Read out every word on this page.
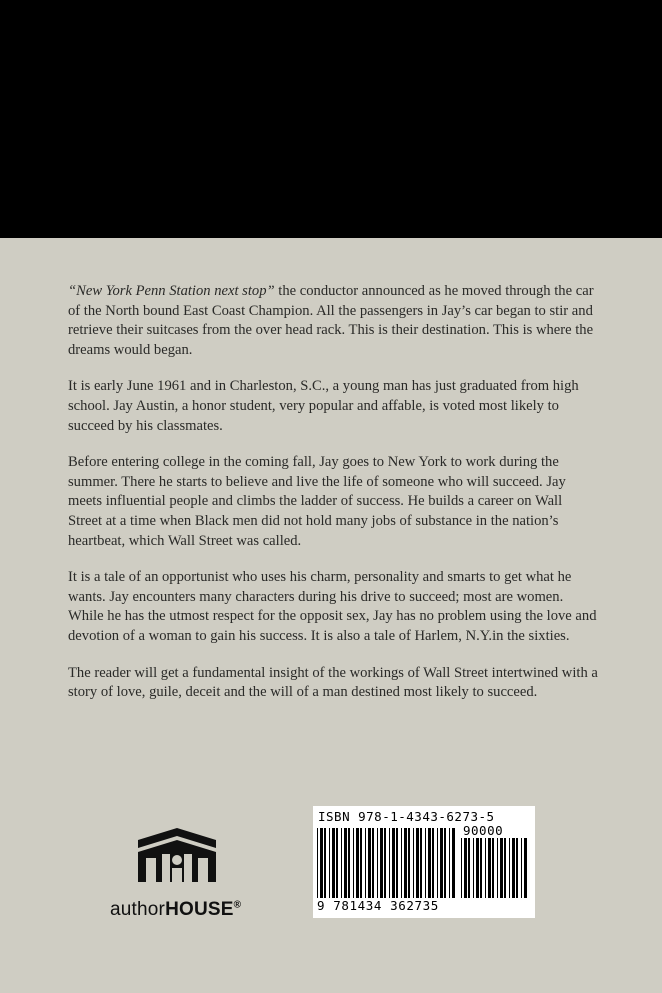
“New York Penn Station next stop” the conductor announced as he moved through the car of the North bound East Coast Champion. All the passengers in Jay’s car began to stir and retrieve their suitcases from the over head rack. This is their destination. This is where the dreams would began.

It is early June 1961 and in Charleston, S.C., a young man has just graduated from high school. Jay Austin, a honor student, very popular and affable, is voted most likely to succeed by his classmates.

Before entering college in the coming fall, Jay goes to New York to work during the summer. There he starts to believe and live the life of someone who will succeed. Jay meets influential people and climbs the ladder of success. He builds a career on Wall Street at a time when Black men did not hold many jobs of substance in the nation’s heartbeat, which Wall Street was called.

It is a tale of an opportunist who uses his charm, personality and smarts to get what he wants. Jay encounters many characters during his drive to succeed; most are women. While he has the utmost respect for the opposit sex, Jay has no problem using the love and devotion of a woman to gain his success. It is also a tale of Harlem, N.Y.in the sixties.

The reader will get a fundamental insight of the workings of Wall Street intertwined with a story of love, guile, deceit and the will of a man destined most likely to succeed.

authorHOUSE®
ISBN 978-1-4343-6273-5
90000
9 781434 362735
